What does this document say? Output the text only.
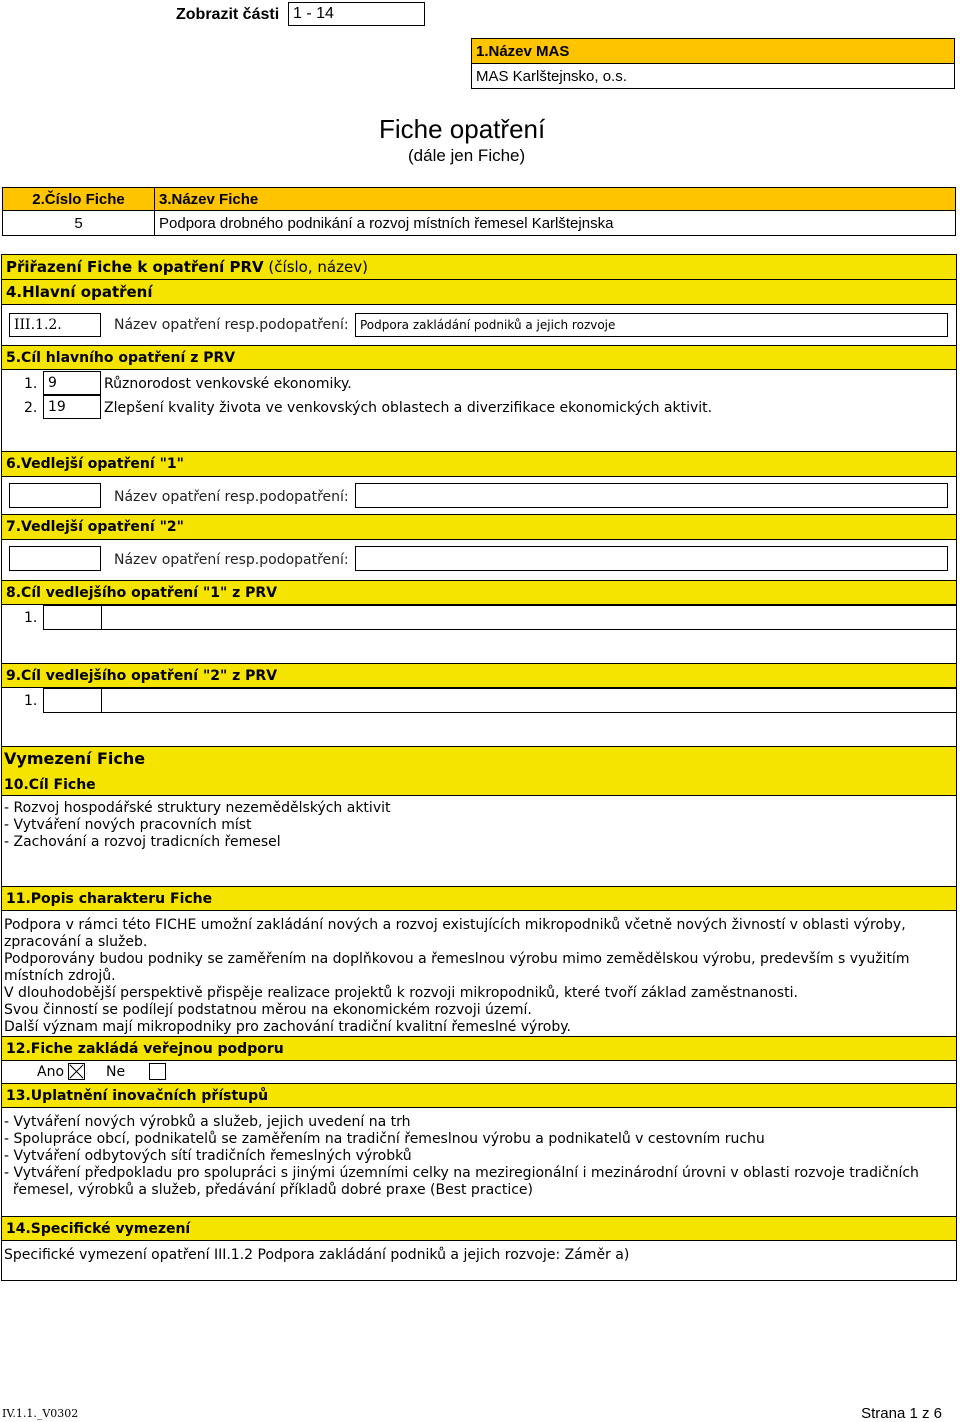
Zobrazit části 1 - 14
1.Název MAS
MAS Karlštejnsko, o.s.
Fiche opatření
(dále jen Fiche)
2.Číslo Fiche	3.Název Fiche
5	Podpora drobného podnikání a rozvoj místních řemesel Karlštejnska
Přiřazení Fiche k opatření PRV (číslo, název)
4.Hlavní opatření
III.1.2.	Název opatření resp.podopatření: Podpora zakládání podniků a jejich rozvoje
5.Cíl hlavního opatření z PRV
1. 9	Různorodost venkovské ekonomiky.
2. 19	Zlepšení kvality života ve venkovských oblastech a diverzifikace ekonomických aktivit.
6.Vedlejší opatření "1"
Název opatření resp.podopatření:
7.Vedlejší opatření "2"
Název opatření resp.podopatření:
8.Cíl vedlejšího opatření "1" z PRV
1.
9.Cíl vedlejšího opatření "2" z PRV
1.
Vymezení Fiche
10.Cíl Fiche
- Rozvoj hospodářské struktury nezemědělských aktivit
- Vytváření nových pracovních míst
- Zachování a rozvoj tradicních řemesel
11.Popis charakteru Fiche
Podpora v rámci této FICHE umožní zakládání nových a rozvoj existujících mikropodniků včetně nových živností v oblasti výroby,
zpracování a služeb.
Podporovány budou podniky se zaměřením na doplňkovou a řemeslnou výrobu mimo zemědělskou výrobu, predevším s využitím
místních zdrojů.
V dlouhodobější perspektivě přispěje realizace projektů k rozvoji mikropodniků, které tvoří základ zaměstnanosti.
Svou činností se podílejí podstatnou měrou na ekonomickém rozvoji území.
Další význam mají mikropodniky pro zachování tradiční kvalitní řemeslné výroby.
12.Fiche zakládá veřejnou podporu
Ano
	Ne
13.Uplatnění inovačních přístupů
- Vytváření nových výrobků a služeb, jejich uvedení na trh
- Spolupráce obcí, podnikatelů se zaměřením na tradiční řemeslnou výrobu a podnikatelů v cestovním ruchu
- Vytváření odbytových sítí tradičních řemeslných výrobků
- Vytváření předpokladu pro spolupráci s jinými územními celky na meziregionální i mezinárodní úrovni v oblasti rozvoje tradičních
řemesel, výrobků a služeb, předávání příkladů dobré praxe (Best practice)
14.Specifické vymezení
Specifické vymezení opatření III.1.2 Podpora zakládání podniků a jejich rozvoje: Záměr a)
IV.1.1._V0302	Strana 1 z 6
